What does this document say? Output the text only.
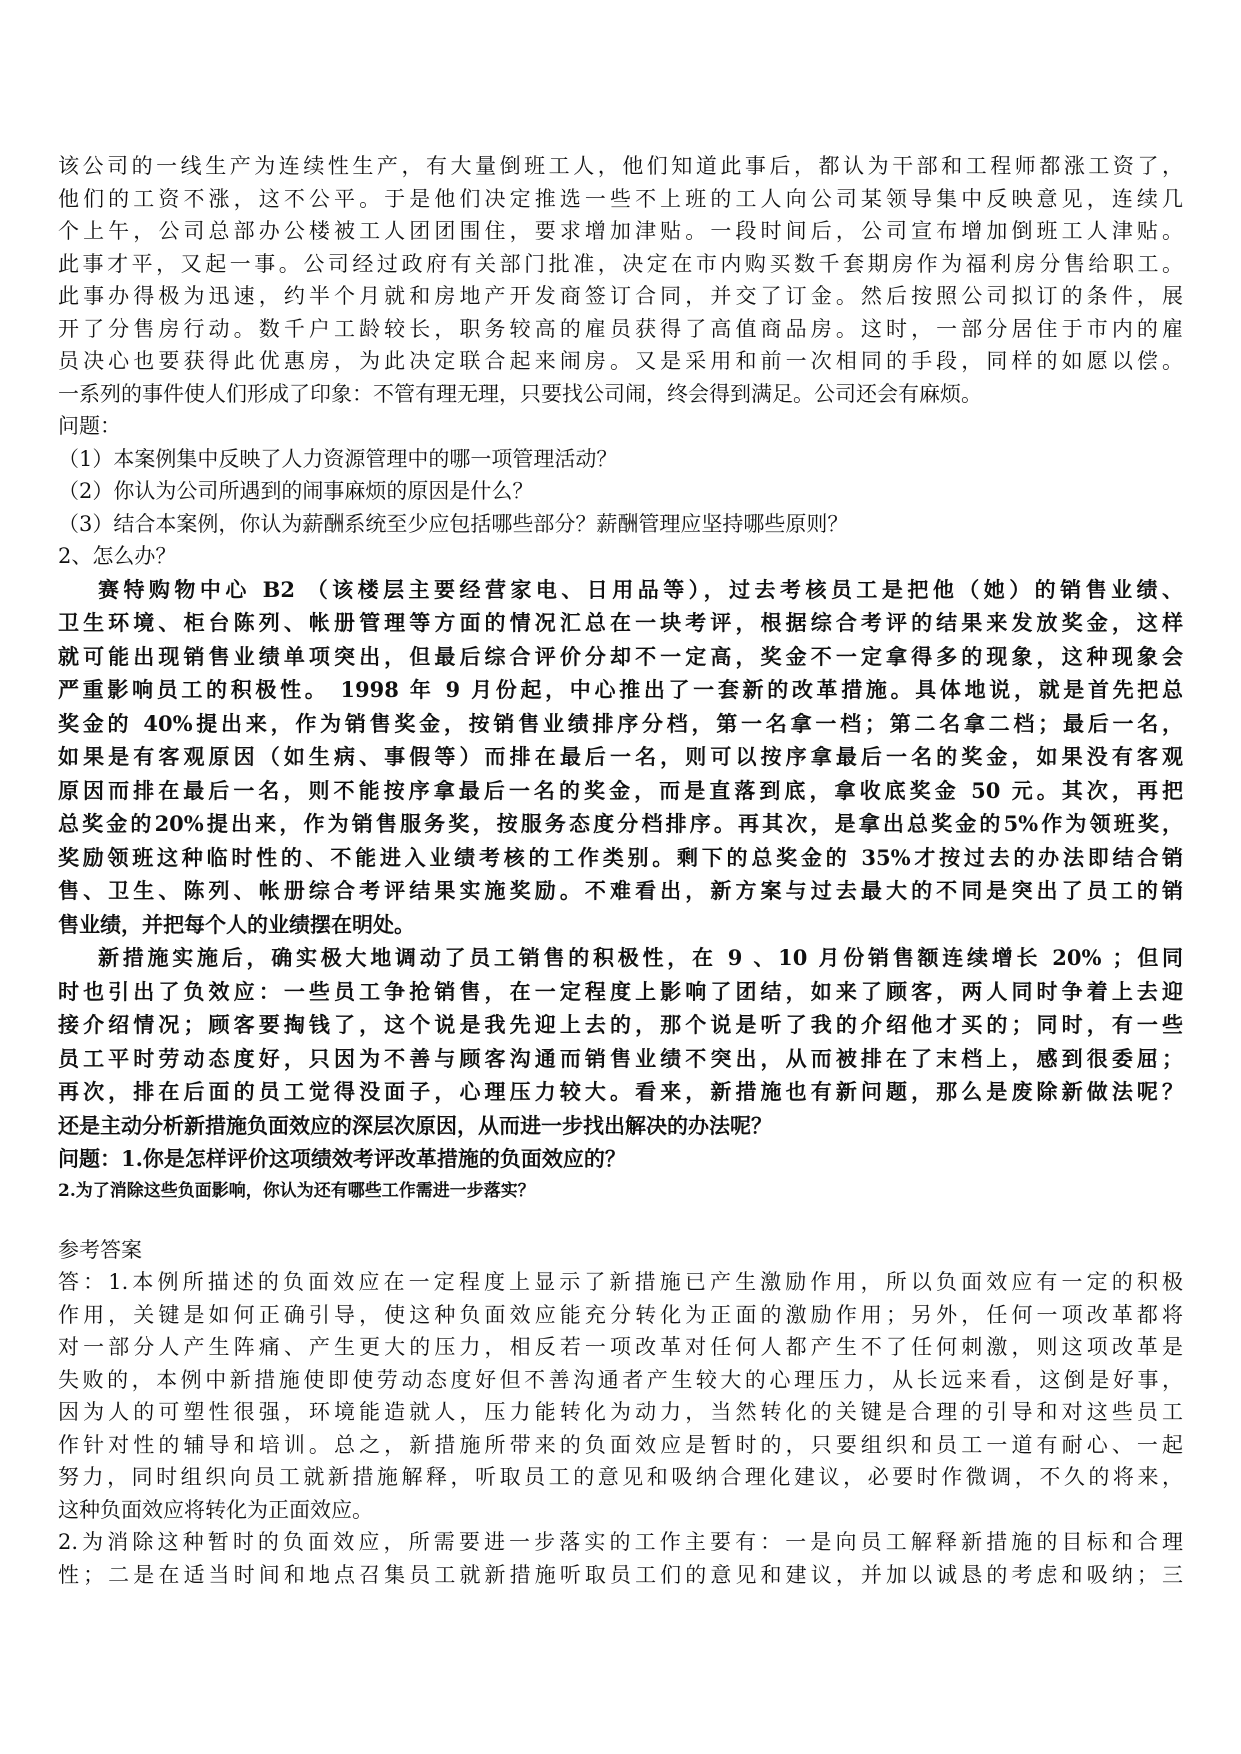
该公司的一线生产为连续性生产，有大量倒班工人，他们知道此事后，都认为干部和工程师都涨工资了，
他们的工资不涨，这不公平。于是他们决定推选一些不上班的工人向公司某领导集中反映意见，连续几
个上午，公司总部办公楼被工人团团围住，要求增加津贴。一段时间后，公司宣布增加倒班工人津贴。
此事才平，又起一事。公司经过政府有关部门批准，决定在市内购买数千套期房作为福利房分售给职工。
此事办得极为迅速，约半个月就和房地产开发商签订合同，并交了订金。然后按照公司拟订的条件，展
开了分售房行动。数千户工龄较长，职务较高的雇员获得了高值商品房。这时，一部分居住于市内的雇
员决心也要获得此优惠房，为此决定联合起来闹房。又是采用和前一次相同的手段，同样的如愿以偿。
一系列的事件使人们形成了印象：不管有理无理，只要找公司闹，终会得到满足。公司还会有麻烦。
问题：
（1）本案例集中反映了人力资源管理中的哪一项管理活动？
（2）你认为公司所遇到的闹事麻烦的原因是什么？
（3）结合本案例，你认为薪酬系统至少应包括哪些部分？薪酬管理应坚持哪些原则？
2、怎么办？
赛特购物中心 B2 （该楼层主要经营家电、日用品等），过去考核员工是把他（她）的销售业绩、
卫生环境、柜台陈列、帐册管理等方面的情况汇总在一块考评，根据综合考评的结果来发放奖金，这样
就可能出现销售业绩单项突出，但最后综合评价分却不一定高，奖金不一定拿得多的现象，这种现象会
严重影响员工的积极性。 1998 年 9 月份起，中心推出了一套新的改革措施。具体地说，就是首先把总
奖金的 40%提出来，作为销售奖金，按销售业绩排序分档，第一名拿一档；第二名拿二档；最后一名，
如果是有客观原因（如生病、事假等）而排在最后一名，则可以按序拿最后一名的奖金，如果没有客观
原因而排在最后一名，则不能按序拿最后一名的奖金，而是直落到底，拿收底奖金 50 元。其次，再把
总奖金的20%提出来，作为销售服务奖，按服务态度分档排序。再其次，是拿出总奖金的5%作为领班奖，
奖励领班这种临时性的、不能进入业绩考核的工作类别。剩下的总奖金的 35%才按过去的办法即结合销
售、卫生、陈列、帐册综合考评结果实施奖励。不难看出，新方案与过去最大的不同是突出了员工的销
售业绩，并把每个人的业绩摆在明处。
新措施实施后，确实极大地调动了员工销售的积极性，在 9 、10 月份销售额连续增长 20% ；但同
时也引出了负效应：一些员工争抢销售，在一定程度上影响了团结，如来了顾客，两人同时争着上去迎
接介绍情况；顾客要掏钱了，这个说是我先迎上去的，那个说是听了我的介绍他才买的；同时，有一些
员工平时劳动态度好，只因为不善与顾客沟通而销售业绩不突出，从而被排在了末档上，感到很委屈；
再次，排在后面的员工觉得没面子，心理压力较大。看来，新措施也有新问题，那么是废除新做法呢？
还是主动分析新措施负面效应的深层次原因，从而进一步找出解决的办法呢？
问题：1.你是怎样评价这项绩效考评改革措施的负面效应的？
2.为了消除这些负面影响，你认为还有哪些工作需进一步落实？
参考答案
答：1.本例所描述的负面效应在一定程度上显示了新措施已产生激励作用，所以负面效应有一定的积极
作用，关键是如何正确引导，使这种负面效应能充分转化为正面的激励作用；另外，任何一项改革都将
对一部分人产生阵痛、产生更大的压力，相反若一项改革对任何人都产生不了任何刺激，则这项改革是
失败的，本例中新措施使即使劳动态度好但不善沟通者产生较大的心理压力，从长远来看，这倒是好事，
因为人的可塑性很强，环境能造就人，压力能转化为动力，当然转化的关键是合理的引导和对这些员工
作针对性的辅导和培训。总之，新措施所带来的负面效应是暂时的，只要组织和员工一道有耐心、一起
努力，同时组织向员工就新措施解释，听取员工的意见和吸纳合理化建议，必要时作微调，不久的将来，
这种负面效应将转化为正面效应。
2.为消除这种暂时的负面效应，所需要进一步落实的工作主要有：一是向员工解释新措施的目标和合理
性；二是在适当时间和地点召集员工就新措施听取员工们的意见和建议，并加以诚恳的考虑和吸纳；三
